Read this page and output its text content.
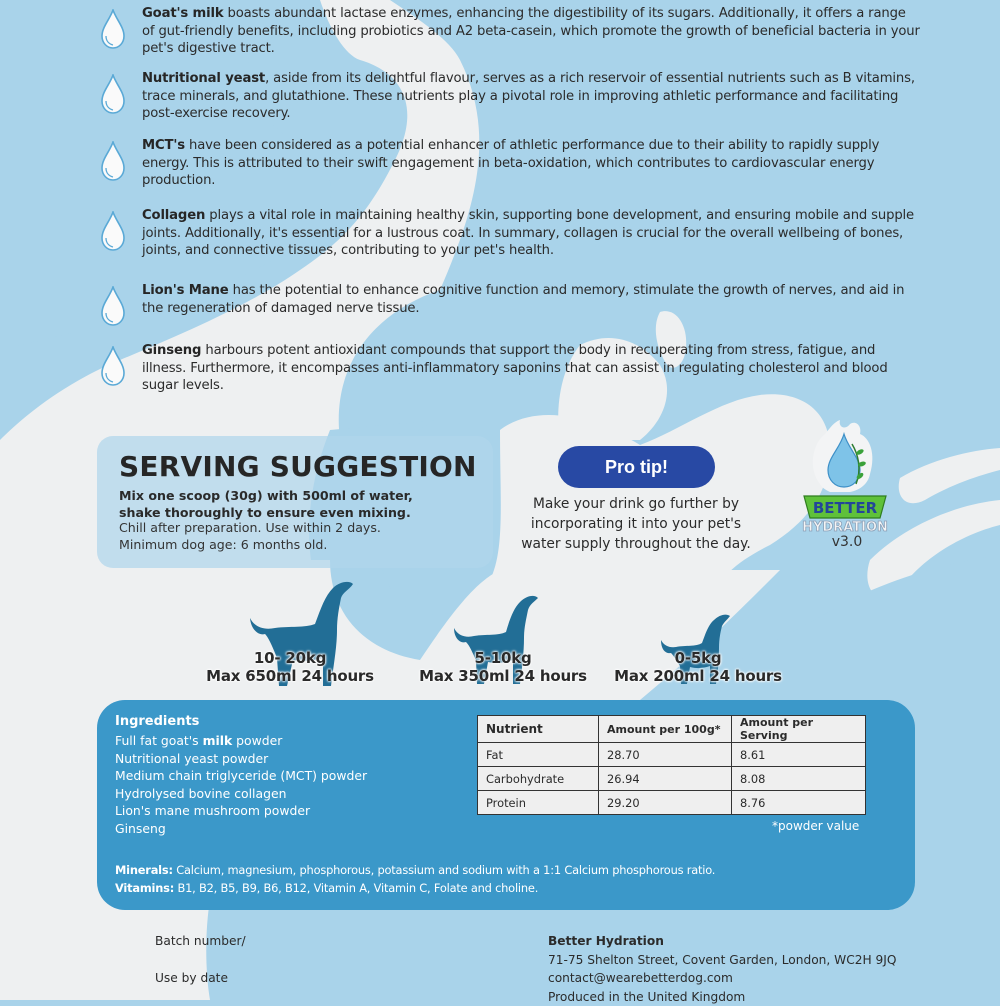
Goat's milk boasts abundant lactase enzymes, enhancing the digestibility of its sugars. Additionally, it offers a range of gut-friendly benefits, including probiotics and A2 beta-casein, which promote the growth of beneficial bacteria in your pet's digestive tract.

Nutritional yeast, aside from its delightful flavour, serves as a rich reservoir of essential nutrients such as B vitamins, trace minerals, and glutathione. These nutrients play a pivotal role in improving athletic performance and facilitating post-exercise recovery.

MCT's have been considered as a potential enhancer of athletic performance due to their ability to rapidly supply energy. This is attributed to their swift engagement in beta-oxidation, which contributes to cardiovascular energy production.

Collagen plays a vital role in maintaining healthy skin, supporting bone development, and ensuring mobile and supple joints. Additionally, it's essential for a lustrous coat. In summary, collagen is crucial for the overall wellbeing of bones, joints, and connective tissues, contributing to your pet's health.

Lion's Mane has the potential to enhance cognitive function and memory, stimulate the growth of nerves, and aid in the regeneration of damaged nerve tissue.

Ginseng harbours potent antioxidant compounds that support the body in recuperating from stress, fatigue, and illness. Furthermore, it encompasses anti-inflammatory saponins that can assist in regulating cholesterol and blood sugar levels.

SERVING SUGGESTION
Mix one scoop (30g) with 500ml of water,
shake thoroughly to ensure even mixing.
Chill after preparation. Use within 2 days.
Minimum dog age: 6 months old.
Pro tip!
Make your drink go further by
incorporating it into your pet's
water supply throughout the day.
BETTER
HYDRATION
v3.0
10- 20kg
Max 650ml 24 hours
5-10kg
Max 350ml 24 hours
0-5kg
Max 200ml 24 hours
Ingredients
Full fat goat's milk powder
Nutritional yeast powder
Medium chain triglyceride (MCT) powder
Hydrolysed bovine collagen
Lion's mane mushroom powder
Ginseng
Nutrient	Amount per 100g*	Amount per Serving
Fat	28.70	8.61
Carbohydrate	26.94	8.08
Protein	29.20	8.76
*powder value
Minerals: Calcium, magnesium, phosphorous, potassium and sodium with a 1:1 Calcium phosphorous ratio.
Vitamins: B1, B2, B5, B9, B6, B12, Vitamin A, Vitamin C, Folate and choline.
Batch number/
Use by date
Better Hydration
71-75 Shelton Street, Covent Garden, London, WC2H 9JQ
contact@wearebetterdog.com
Produced in the United Kingdom
